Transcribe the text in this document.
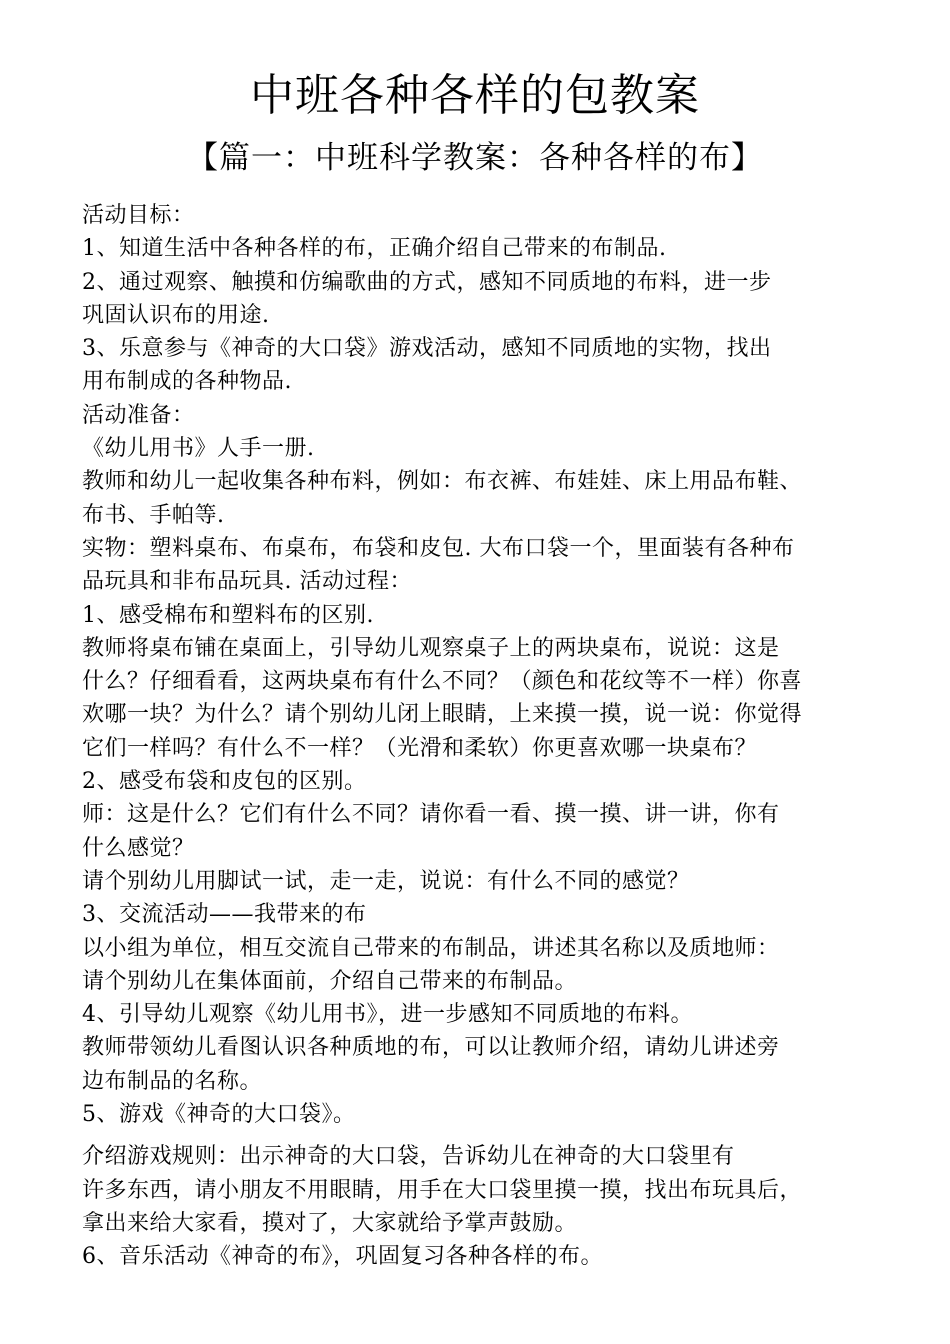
中班各种各样的包教案
【篇一：中班科学教案：各种各样的布】
活动目标：
1、知道生活中各种各样的布，正确介绍自己带来的布制品.
2、通过观察、触摸和仿编歌曲的方式，感知不同质地的布料，进一步
巩固认识布的用途.
3、乐意参与《神奇的大口袋》游戏活动，感知不同质地的实物，找出
用布制成的各种物品.
活动准备：
《幼儿用书》人手一册.
教师和幼儿一起收集各种布料，例如：布衣裤、布娃娃、床上用品布鞋、
布书、手帕等.
实物：塑料桌布、布桌布，布袋和皮包. 大布口袋一个，里面装有各种布
品玩具和非布品玩具. 活动过程：
1、感受棉布和塑料布的区别.
教师将桌布铺在桌面上，引导幼儿观察桌子上的两块桌布，说说：这是
什么？仔细看看，这两块桌布有什么不同？（颜色和花纹等不一样）你喜
欢哪一块？为什么？请个别幼儿闭上眼睛，上来摸一摸，说一说：你觉得
它们一样吗？有什么不一样？（光滑和柔软）你更喜欢哪一块桌布？
2、感受布袋和皮包的区别。
师：这是什么？它们有什么不同？请你看一看、摸一摸、讲一讲，你有
什么感觉？
请个别幼儿用脚试一试，走一走，说说：有什么不同的感觉？
3、交流活动——我带来的布
以小组为单位，相互交流自己带来的布制品，讲述其名称以及质地师：
请个别幼儿在集体面前，介绍自己带来的布制品。
4、引导幼儿观察《幼儿用书》，进一步感知不同质地的布料。
教师带领幼儿看图认识各种质地的布，可以让教师介绍，请幼儿讲述旁
边布制品的名称。
5、游戏《神奇的大口袋》。
介绍游戏规则：出示神奇的大口袋，告诉幼儿在神奇的大口袋里有
许多东西，请小朋友不用眼睛，用手在大口袋里摸一摸，找出布玩具后，
拿出来给大家看，摸对了，大家就给予掌声鼓励。
6、音乐活动《神奇的布》，巩固复习各种各样的布。
